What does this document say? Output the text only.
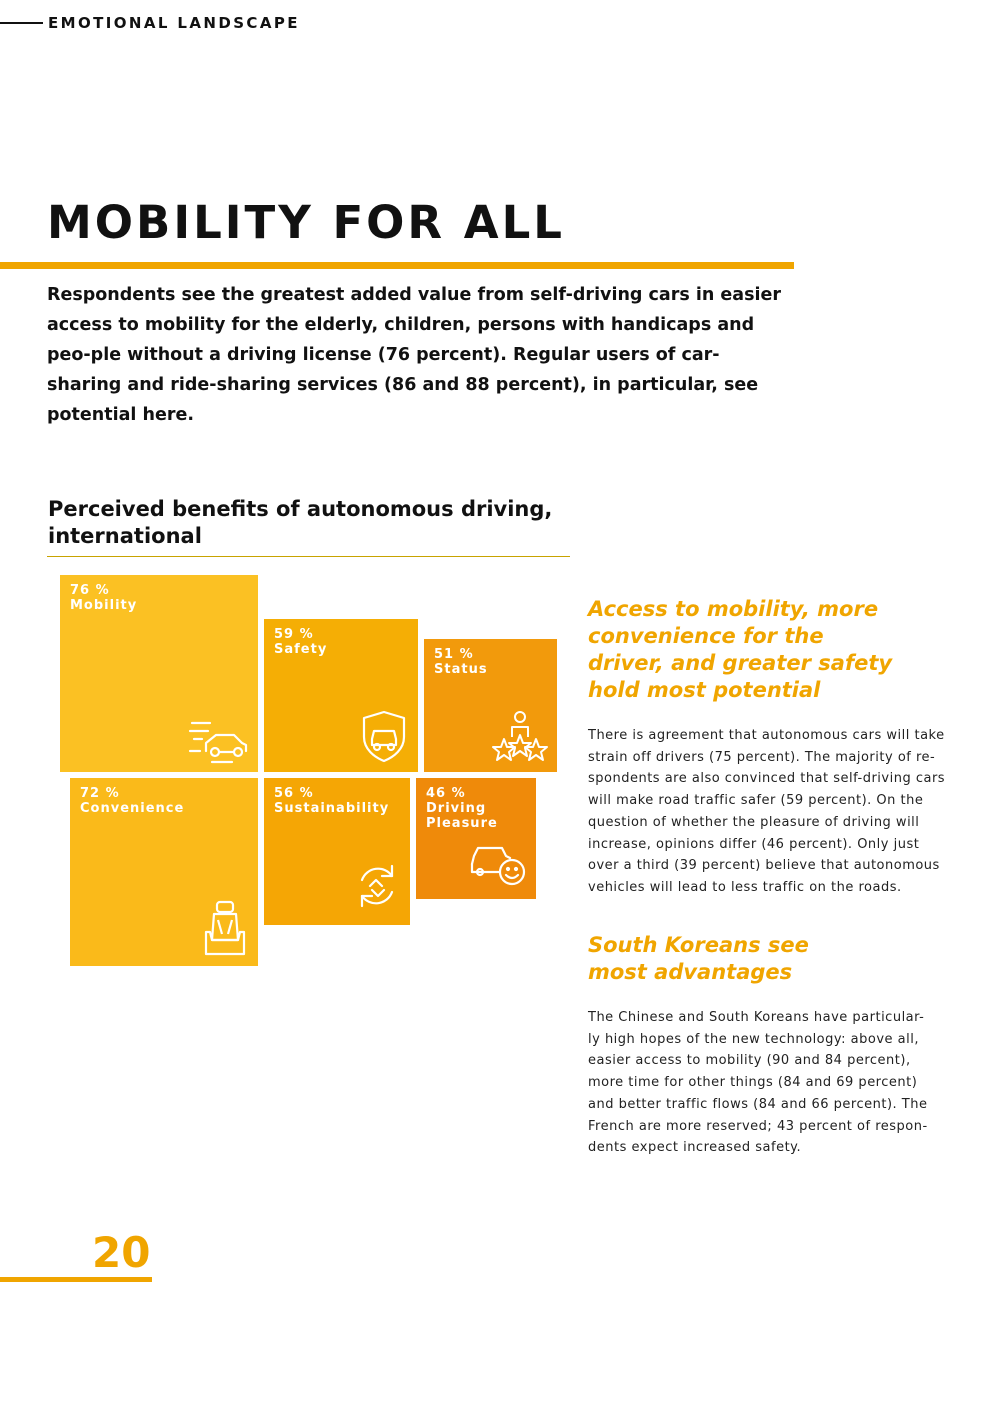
EMOTIONAL LANDSCAPE
MOBILITY FOR ALL
Respondents see the greatest added value from self-driving cars in easier access to mobility for the elderly, children, persons with handicaps and peo-ple without a driving license (76 percent). Regular users of car-sharing and ride-sharing services (86 and 88 percent), in particular, see potential here.
Perceived benefits of autonomous driving, international
76 %
Mobility
59 %
Safety	51 %
Status
72 %
Convenience
56 %
Sustainability
46 %
Driving Pleasure
Access to mobility, more convenience for the driver, and greater safety hold most potential
There is agreement that autonomous cars will take strain off drivers (75 percent). The majority of re-spondents are also convinced that self-driving cars will make road traffic safer (59 percent). On the question of whether the pleasure of driving will increase, opinions differ (46 percent). Only just over a third (39 percent) believe that autonomous vehicles will lead to less traffic on the roads.
South Koreans see most advantages
The Chinese and South Koreans have particular-ly high hopes of the new technology: above all, easier access to mobility (90 and 84 percent), more time for other things (84 and 69 percent) and better traffic flows (84 and 66 percent). The French are more reserved; 43 percent of respon-dents expect increased safety.
20
